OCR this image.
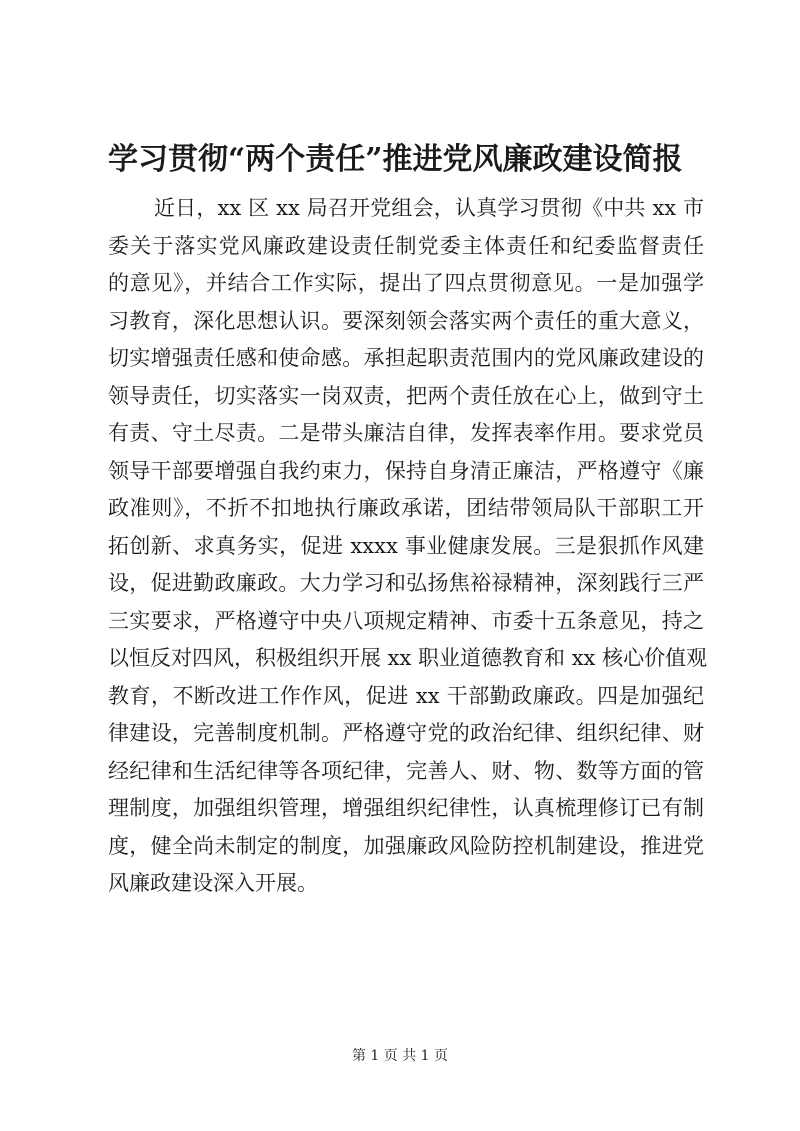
学习贯彻“两个责任”推进党风廉政建设简报
近日，xx 区 xx 局召开党组会，认真学习贯彻《中共 xx 市
委关于落实党风廉政建设责任制党委主体责任和纪委监督责任
的意见》，并结合工作实际，提出了四点贯彻意见。一是加强学
习教育，深化思想认识。要深刻领会落实两个责任的重大意义，
切实增强责任感和使命感。承担起职责范围内的党风廉政建设的
领导责任，切实落实一岗双责，把两个责任放在心上，做到守土
有责、守土尽责。二是带头廉洁自律，发挥表率作用。要求党员
领导干部要增强自我约束力，保持自身清正廉洁，严格遵守《廉
政准则》，不折不扣地执行廉政承诺，团结带领局队干部职工开
拓创新、求真务实，促进 xxxx 事业健康发展。三是狠抓作风建
设，促进勤政廉政。大力学习和弘扬焦裕禄精神，深刻践行三严
三实要求，严格遵守中央八项规定精神、市委十五条意见，持之
以恒反对四风，积极组织开展 xx 职业道德教育和 xx 核心价值观
教育，不断改进工作作风，促进 xx 干部勤政廉政。四是加强纪
律建设，完善制度机制。严格遵守党的政治纪律、组织纪律、财
经纪律和生活纪律等各项纪律，完善人、财、物、数等方面的管
理制度，加强组织管理，增强组织纪律性，认真梳理修订已有制
度，健全尚未制定的制度，加强廉政风险防控机制建设，推进党
风廉政建设深入开展。
第 1 页 共 1 页
